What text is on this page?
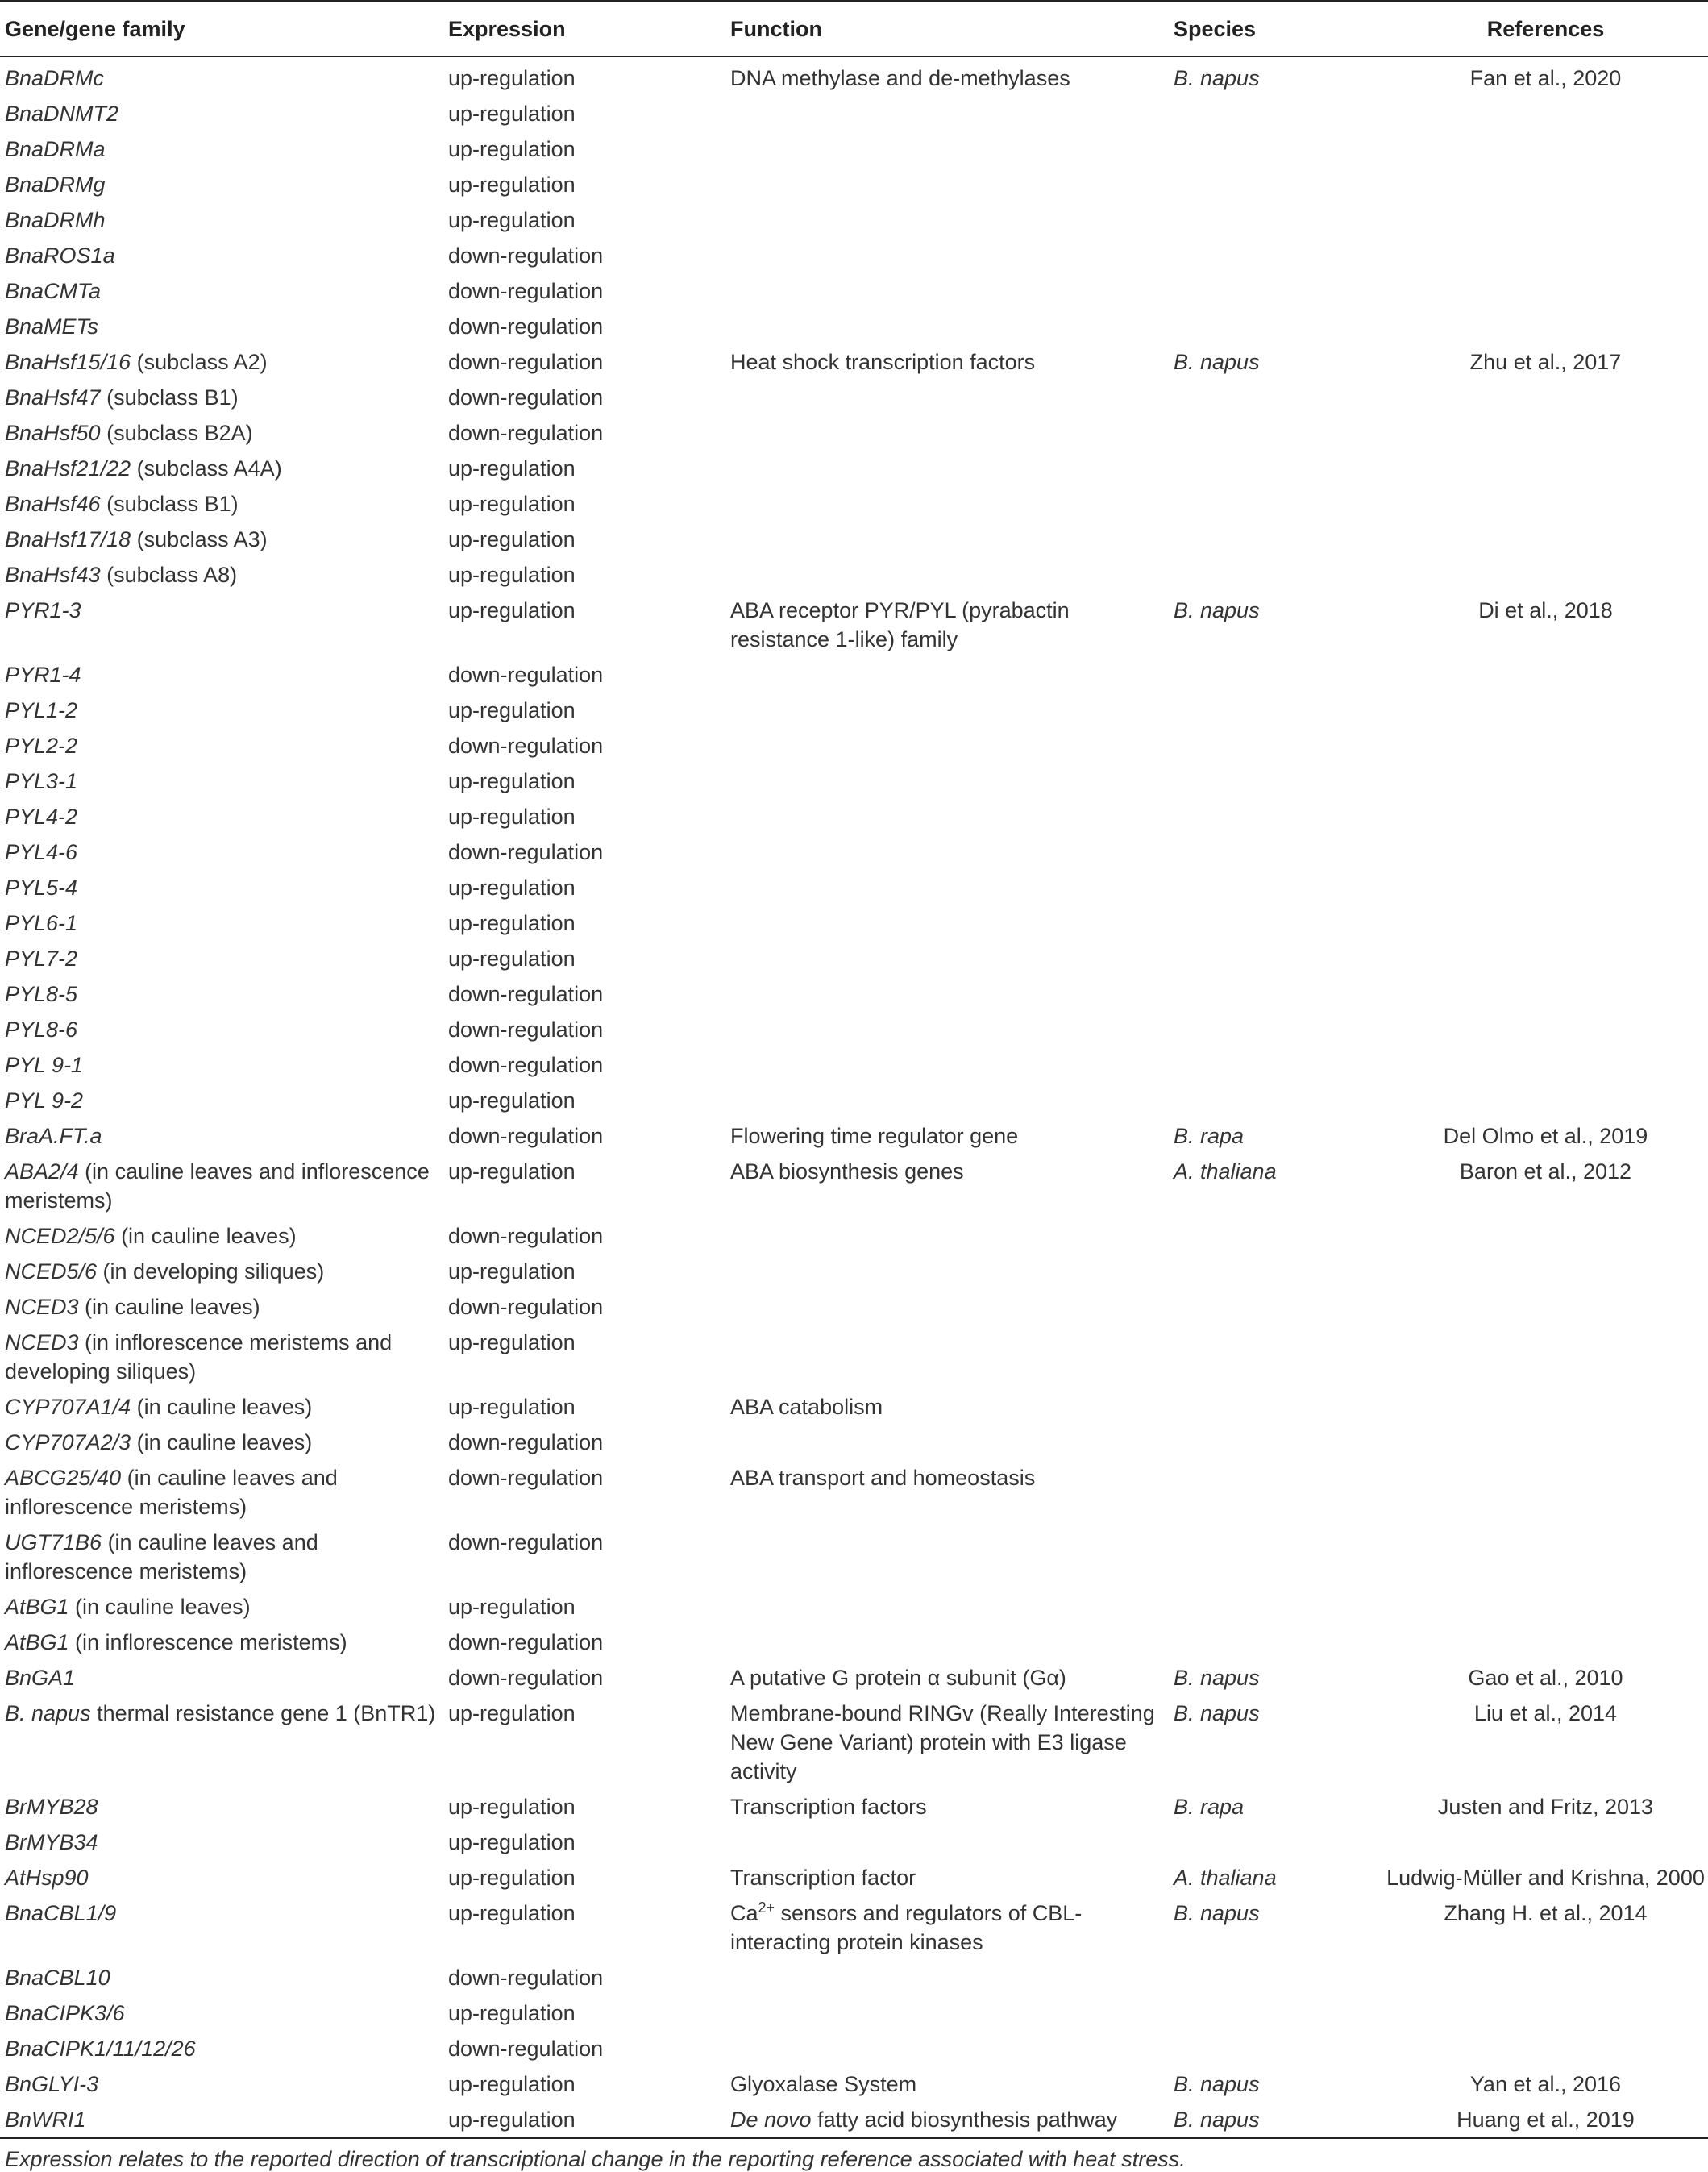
Gene/gene family	Expression	Function	Species	References
BnaDRMc	up-regulation	DNA methylase and de-methylases	B. napus	Fan et al., 2020
BnaDNMT2	up-regulation			
BnaDRMa	up-regulation			
BnaDRMg	up-regulation			
BnaDRMh	up-regulation			
BnaROS1a	down-regulation			
BnaCMTa	down-regulation			
BnaMETs	down-regulation			
BnaHsf15/16 (subclass A2)	down-regulation	Heat shock transcription factors	B. napus	Zhu et al., 2017
BnaHsf47 (subclass B1)	down-regulation			
BnaHsf50 (subclass B2A)	down-regulation			
BnaHsf21/22 (subclass A4A)	up-regulation			
BnaHsf46 (subclass B1)	up-regulation			
BnaHsf17/18 (subclass A3)	up-regulation			
BnaHsf43 (subclass A8)	up-regulation			
PYR1-3	up-regulation	ABA receptor PYR/PYL (pyrabactin resistance 1-like) family	B. napus	Di et al., 2018
PYR1-4	down-regulation			
PYL1-2	up-regulation			
PYL2-2	down-regulation			
PYL3-1	up-regulation			
PYL4-2	up-regulation			
PYL4-6	down-regulation			
PYL5-4	up-regulation			
PYL6-1	up-regulation			
PYL7-2	up-regulation			
PYL8-5	down-regulation			
PYL8-6	down-regulation			
PYL 9-1	down-regulation			
PYL 9-2	up-regulation			
BraA.FT.a	down-regulation	Flowering time regulator gene	B. rapa	Del Olmo et al., 2019
ABA2/4 (in cauline leaves and inflorescence meristems)	up-regulation	ABA biosynthesis genes	A. thaliana	Baron et al., 2012
NCED2/5/6 (in cauline leaves)	down-regulation			
NCED5/6 (in developing siliques)	up-regulation			
NCED3 (in cauline leaves)	down-regulation			
NCED3 (in inflorescence meristems and developing siliques)	up-regulation			
CYP707A1/4 (in cauline leaves)	up-regulation	ABA catabolism		
CYP707A2/3 (in cauline leaves)	down-regulation			
ABCG25/40 (in cauline leaves and inflorescence meristems)	down-regulation	ABA transport and homeostasis		
UGT71B6 (in cauline leaves and inflorescence meristems)	down-regulation			
AtBG1 (in cauline leaves)	up-regulation			
AtBG1 (in inflorescence meristems)	down-regulation			
BnGA1	down-regulation	A putative G protein α subunit (Gα)	B. napus	Gao et al., 2010
B. napus thermal resistance gene 1 (BnTR1)	up-regulation	Membrane-bound RINGv (Really Interesting New Gene Variant) protein with E3 ligase activity	B. napus	Liu et al., 2014
BrMYB28	up-regulation	Transcription factors	B. rapa	Justen and Fritz, 2013
BrMYB34	up-regulation			
AtHsp90	up-regulation	Transcription factor	A. thaliana	Ludwig-Müller and Krishna, 2000
BnaCBL1/9	up-regulation	$Ca^{2+}$ sensors and regulators of CBL-interacting protein kinases	B. napus	Zhang H. et al., 2014
BnaCBL10	down-regulation			
BnaCIPK3/6	up-regulation			
BnaCIPK1/11/12/26	down-regulation			
BnGLYI-3	up-regulation	Glyoxalase System	B. napus	Yan et al., 2016
BnWRI1	up-regulation	De novo fatty acid biosynthesis pathway	B. napus	Huang et al., 2019
Expression relates to the reported direction of transcriptional change in the reporting reference associated with heat stress.
